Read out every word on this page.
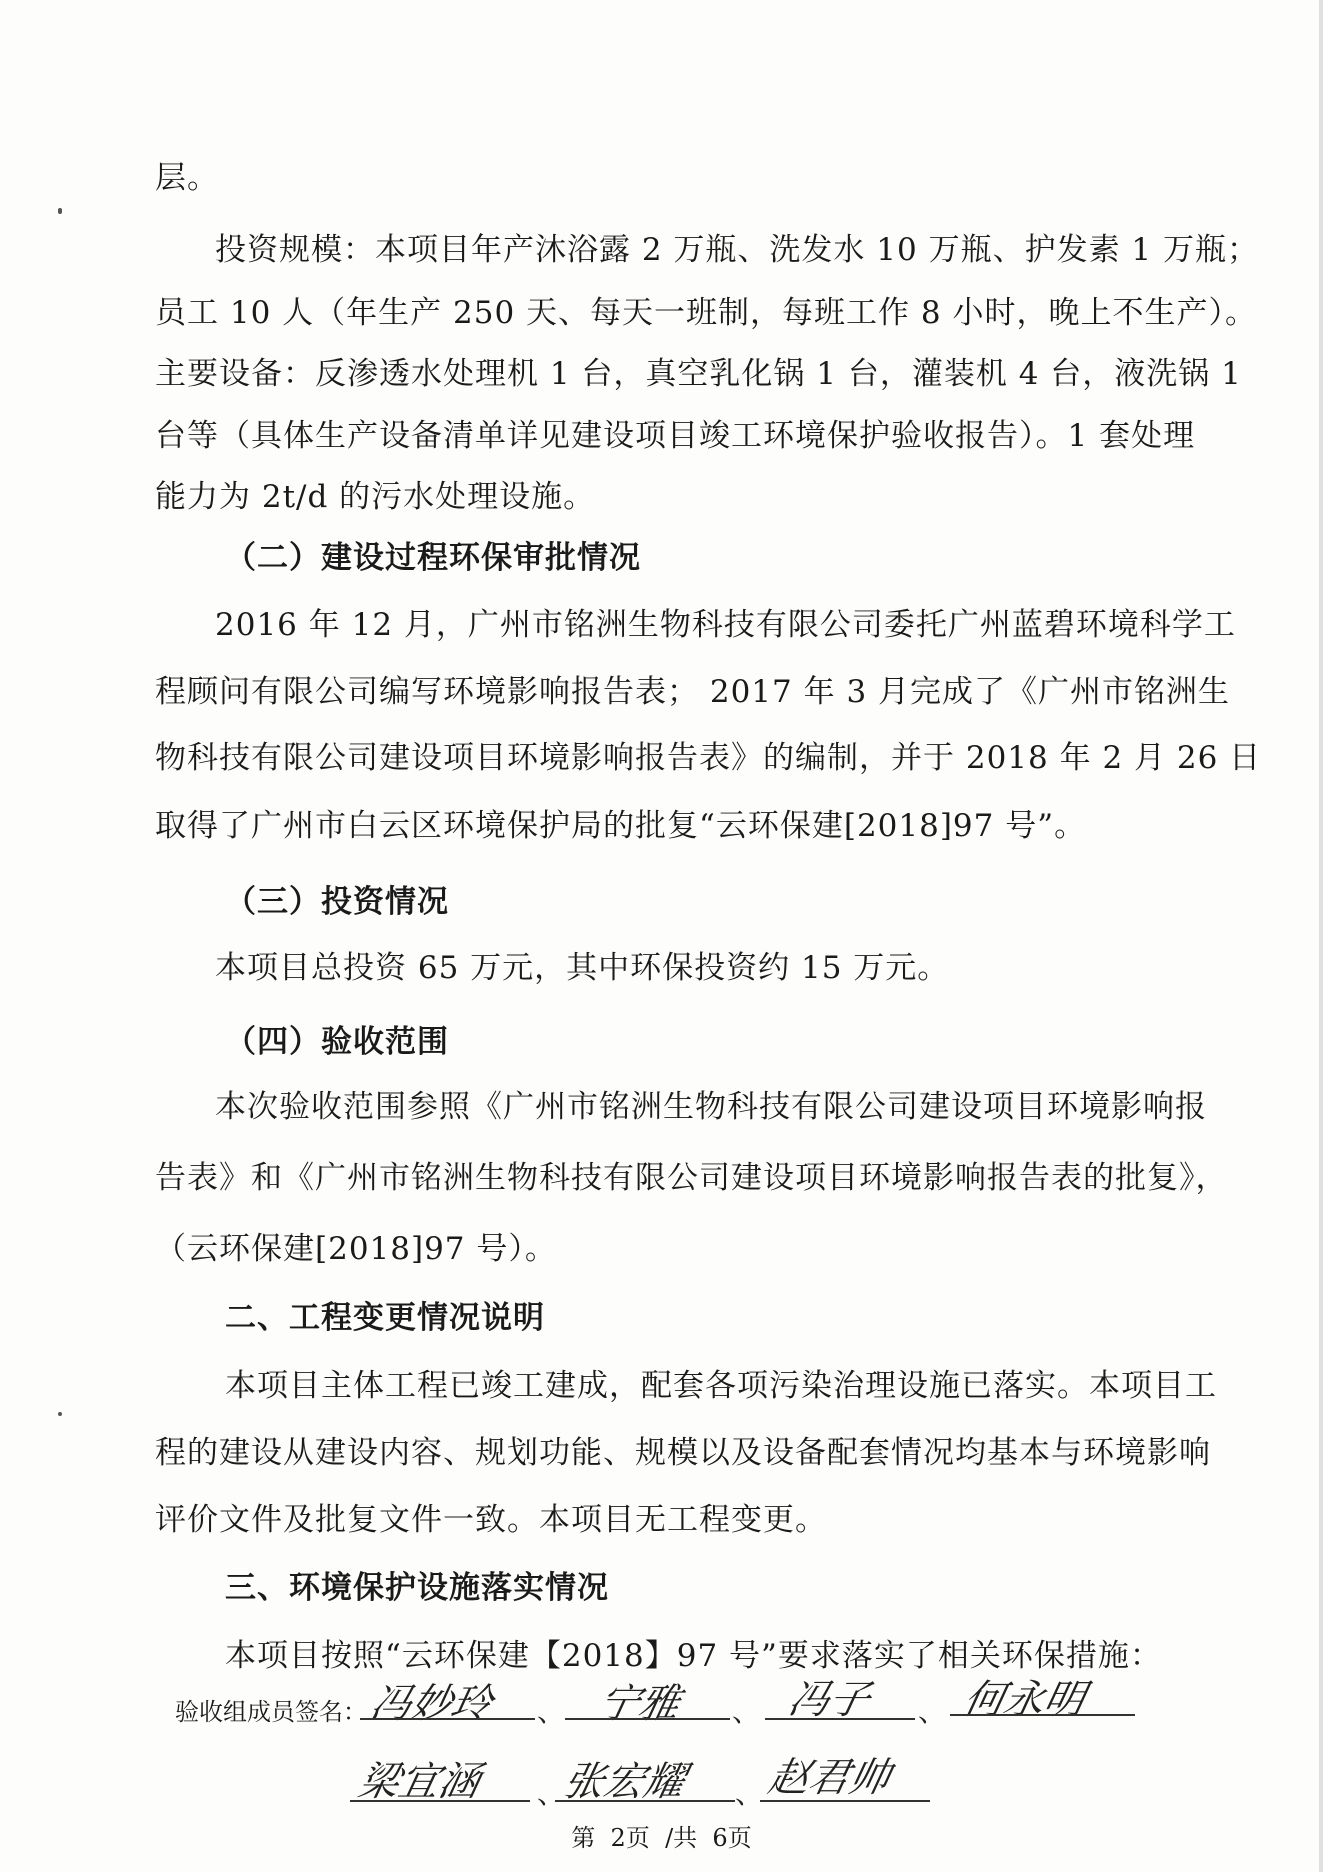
层。
投资规模：本项目年产沐浴露 2 万瓶、洗发水 10 万瓶、护发素 1 万瓶；
员工 10 人（年生产 250 天、每天一班制，每班工作 8 小时，晚上不生产）。
主要设备：反渗透水处理机 1 台，真空乳化锅 1 台，灌装机 4 台，液洗锅 1
台等（具体生产设备清单详见建设项目竣工环境保护验收报告）。1 套处理
能力为 2t/d 的污水处理设施。
（二）建设过程环保审批情况
2016 年 12 月，广州市铭洲生物科技有限公司委托广州蓝碧环境科学工
程顾问有限公司编写环境影响报告表； 2017 年 3 月完成了《广州市铭洲生
物科技有限公司建设项目环境影响报告表》的编制，并于 2018 年 2 月 26 日
取得了广州市白云区环境保护局的批复“云环保建[2018]97 号”。
（三）投资情况
本项目总投资 65 万元，其中环保投资约 15 万元。
（四）验收范围
本次验收范围参照《广州市铭洲生物科技有限公司建设项目环境影响报
告表》和《广州市铭洲生物科技有限公司建设项目环境影响报告表的批复》，
（云环保建[2018]97 号）。
二、工程变更情况说明
本项目主体工程已竣工建成，配套各项污染治理设施已落实。本项目工
程的建设从建设内容、规划功能、规模以及设备配套情况均基本与环境影响
评价文件及批复文件一致。本项目无工程变更。
三、环境保护设施落实情况
本项目按照“云环保建【2018】97 号”要求落实了相关环保措施：
验收组成员签名： 冯妙玲 、 宁雅 、 冯子 、 何永明
梁宜涵 、
张宏耀 、 赵君帅
第  2页  /共  6页
